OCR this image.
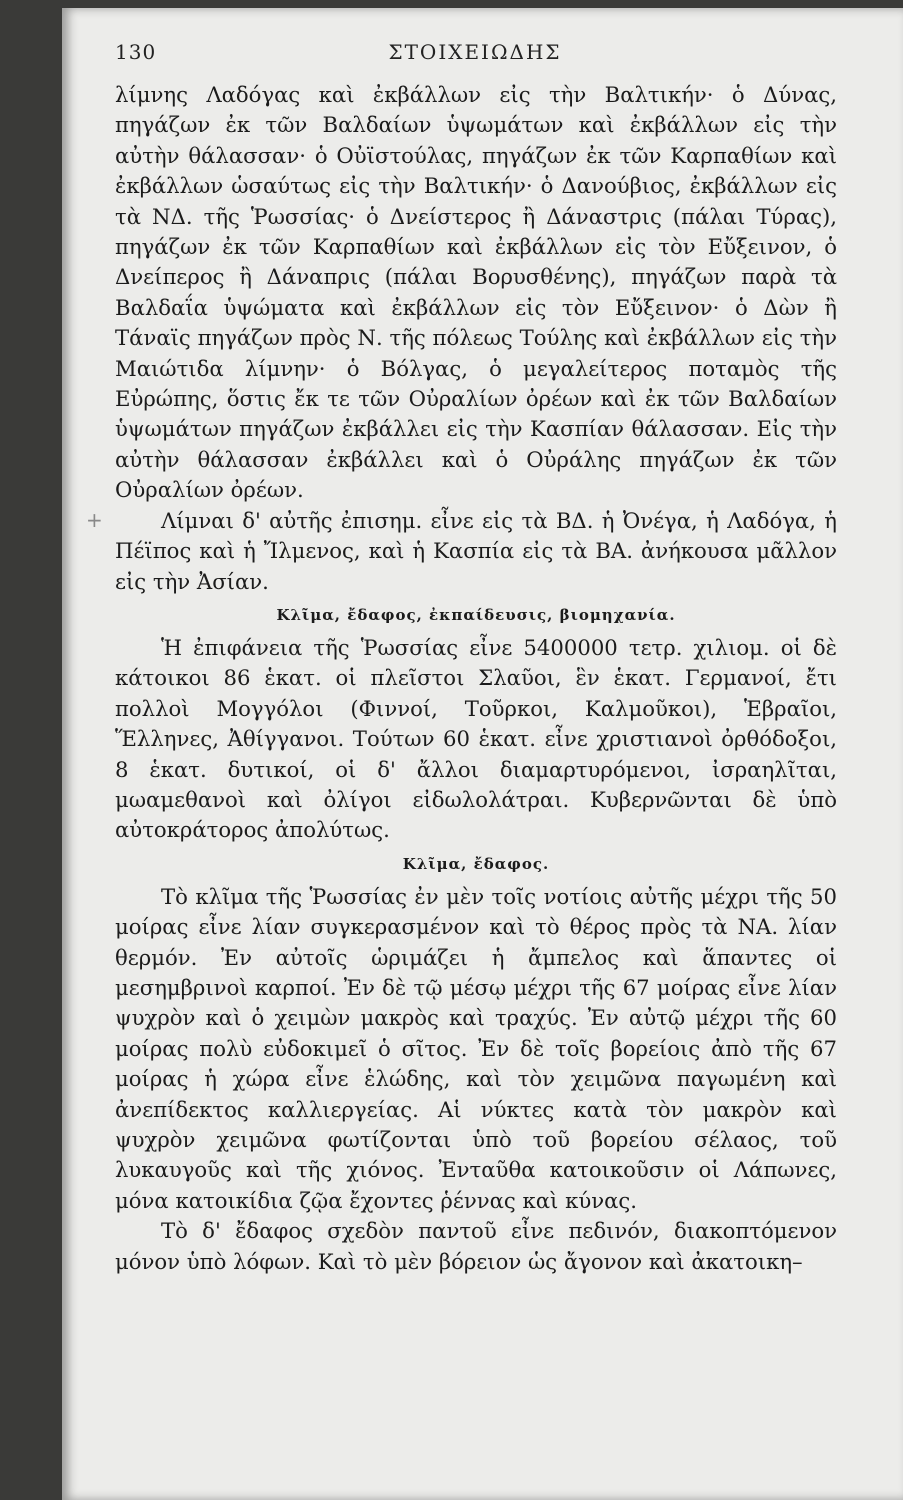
130	ΣΤΟΙΧΕΙΩΔΗΣ
+

λίμνης Λαδόγας καὶ ἐκβάλλων εἰς τὴν Βαλτικήν· ὁ Δύνας, πηγάζων ἐκ τῶν Βαλδαίων ὑψωμάτων καὶ ἐκβάλλων εἰς τὴν αὐτὴν θάλασσαν· ὁ Οὐϊστούλας, πηγάζων ἐκ τῶν Καρπαθίων καὶ ἐκβάλλων ὡσαύτως εἰς τὴν Βαλτικήν· ὁ Δανούβιος, ἐκβάλλων εἰς τὰ ΝΔ. τῆς Ῥωσσίας· ὁ Δνείστερος ἢ Δάναστρις (πάλαι Τύρας), πηγάζων ἐκ τῶν Καρπαθίων καὶ ἐκβάλλων εἰς τὸν Εὔξεινον, ὁ Δνείπερος ἢ Δάναπρις (πάλαι Βορυσθένης), πηγάζων παρὰ τὰ Βαλδαΐα ὑψώματα καὶ ἐκβάλλων εἰς τὸν Εὔξεινον· ὁ Δὼν ἢ Τάναϊς πηγάζων πρὸς Ν. τῆς πόλεως Τούλης καὶ ἐκβάλλων εἰς τὴν Μαιώτιδα λίμνην· ὁ Βόλγας, ὁ μεγαλείτερος ποταμὸς τῆς Εὐρώπης, ὅστις ἔκ τε τῶν Οὐραλίων ὀρέων καὶ ἐκ τῶν Βαλδαίων ὑψωμάτων πηγάζων ἐκβάλλει εἰς τὴν Κασπίαν θάλασσαν. Εἰς τὴν αὐτὴν θάλασσαν ἐκβάλλει καὶ ὁ Οὐράλης πηγάζων ἐκ τῶν Οὐραλίων ὀρέων.

Λίμναι δ' αὐτῆς ἐπισημ. εἶνε εἰς τὰ ΒΔ. ἡ Ὀνέγα, ἡ Λαδόγα, ἡ Πέϊπος καὶ ἡ Ἴλμενος, καὶ ἡ Κασπία εἰς τὰ ΒΑ. ἀνήκουσα μᾶλλον εἰς τὴν Ἀσίαν.

Κλῖμα, ἔδαφος, ἐκπαίδευσις, βιομηχανία.

Ἡ ἐπιφάνεια τῆς Ῥωσσίας εἶνε 5400000 τετρ. χιλιομ. οἱ δὲ κάτοικοι 86 ἑκατ. οἱ πλεῖστοι Σλαῦοι, ἓν ἑκατ. Γερμανοί, ἔτι πολλοὶ Μογγόλοι (Φιννοί, Τοῦρκοι, Καλμοῦκοι), Ἑβραῖοι, Ἕλληνες, Ἀθίγγανοι. Τούτων 60 ἑκατ. εἶνε χριστιανοὶ ὀρθόδοξοι, 8 ἑκατ. δυτικοί, οἱ δ' ἄλλοι διαμαρτυρόμενοι, ἰσραηλῖται, μωαμεθανοὶ καὶ ὀλίγοι εἰδωλολάτραι. Κυβερνῶνται δὲ ὑπὸ αὐτοκράτορος ἀπολύτως.

Κλῖμα, ἔδαφος.

Τὸ κλῖμα τῆς Ῥωσσίας ἐν μὲν τοῖς νοτίοις αὐτῆς μέχρι τῆς 50 μοίρας εἶνε λίαν συγκερασμένον καὶ τὸ θέρος πρὸς τὰ ΝΑ. λίαν θερμόν. Ἐν αὐτοῖς ὡριμάζει ἡ ἄμπελος καὶ ἅπαντες οἱ μεσημβρινοὶ καρποί. Ἐν δὲ τῷ μέσῳ μέχρι τῆς 67 μοίρας εἶνε λίαν ψυχρὸν καὶ ὁ χειμὼν μακρὸς καὶ τραχύς. Ἐν αὐτῷ μέχρι τῆς 60 μοίρας πολὺ εὐδοκιμεῖ ὁ σῖτος. Ἐν δὲ τοῖς βορείοις ἀπὸ τῆς 67 μοίρας ἡ χώρα εἶνε ἑλώδης, καὶ τὸν χειμῶνα παγωμένη καὶ ἀνεπίδεκτος καλλιεργείας. Αἱ νύκτες κατὰ τὸν μακρὸν καὶ ψυχρὸν χειμῶνα φωτίζονται ὑπὸ τοῦ βορείου σέλαος, τοῦ λυκαυγοῦς καὶ τῆς χιόνος. Ἐνταῦθα κατοικοῦσιν οἱ Λάπωνες, μόνα κατοικίδια ζῷα ἔχοντες ῥέννας καὶ κύνας.

Τὸ δ' ἔδαφος σχεδὸν παντοῦ εἶνε πεδινόν, διακοπτόμενον μόνον ὑπὸ λόφων. Καὶ τὸ μὲν βόρειον ὡς ἄγονον καὶ ἀκατοικη–
